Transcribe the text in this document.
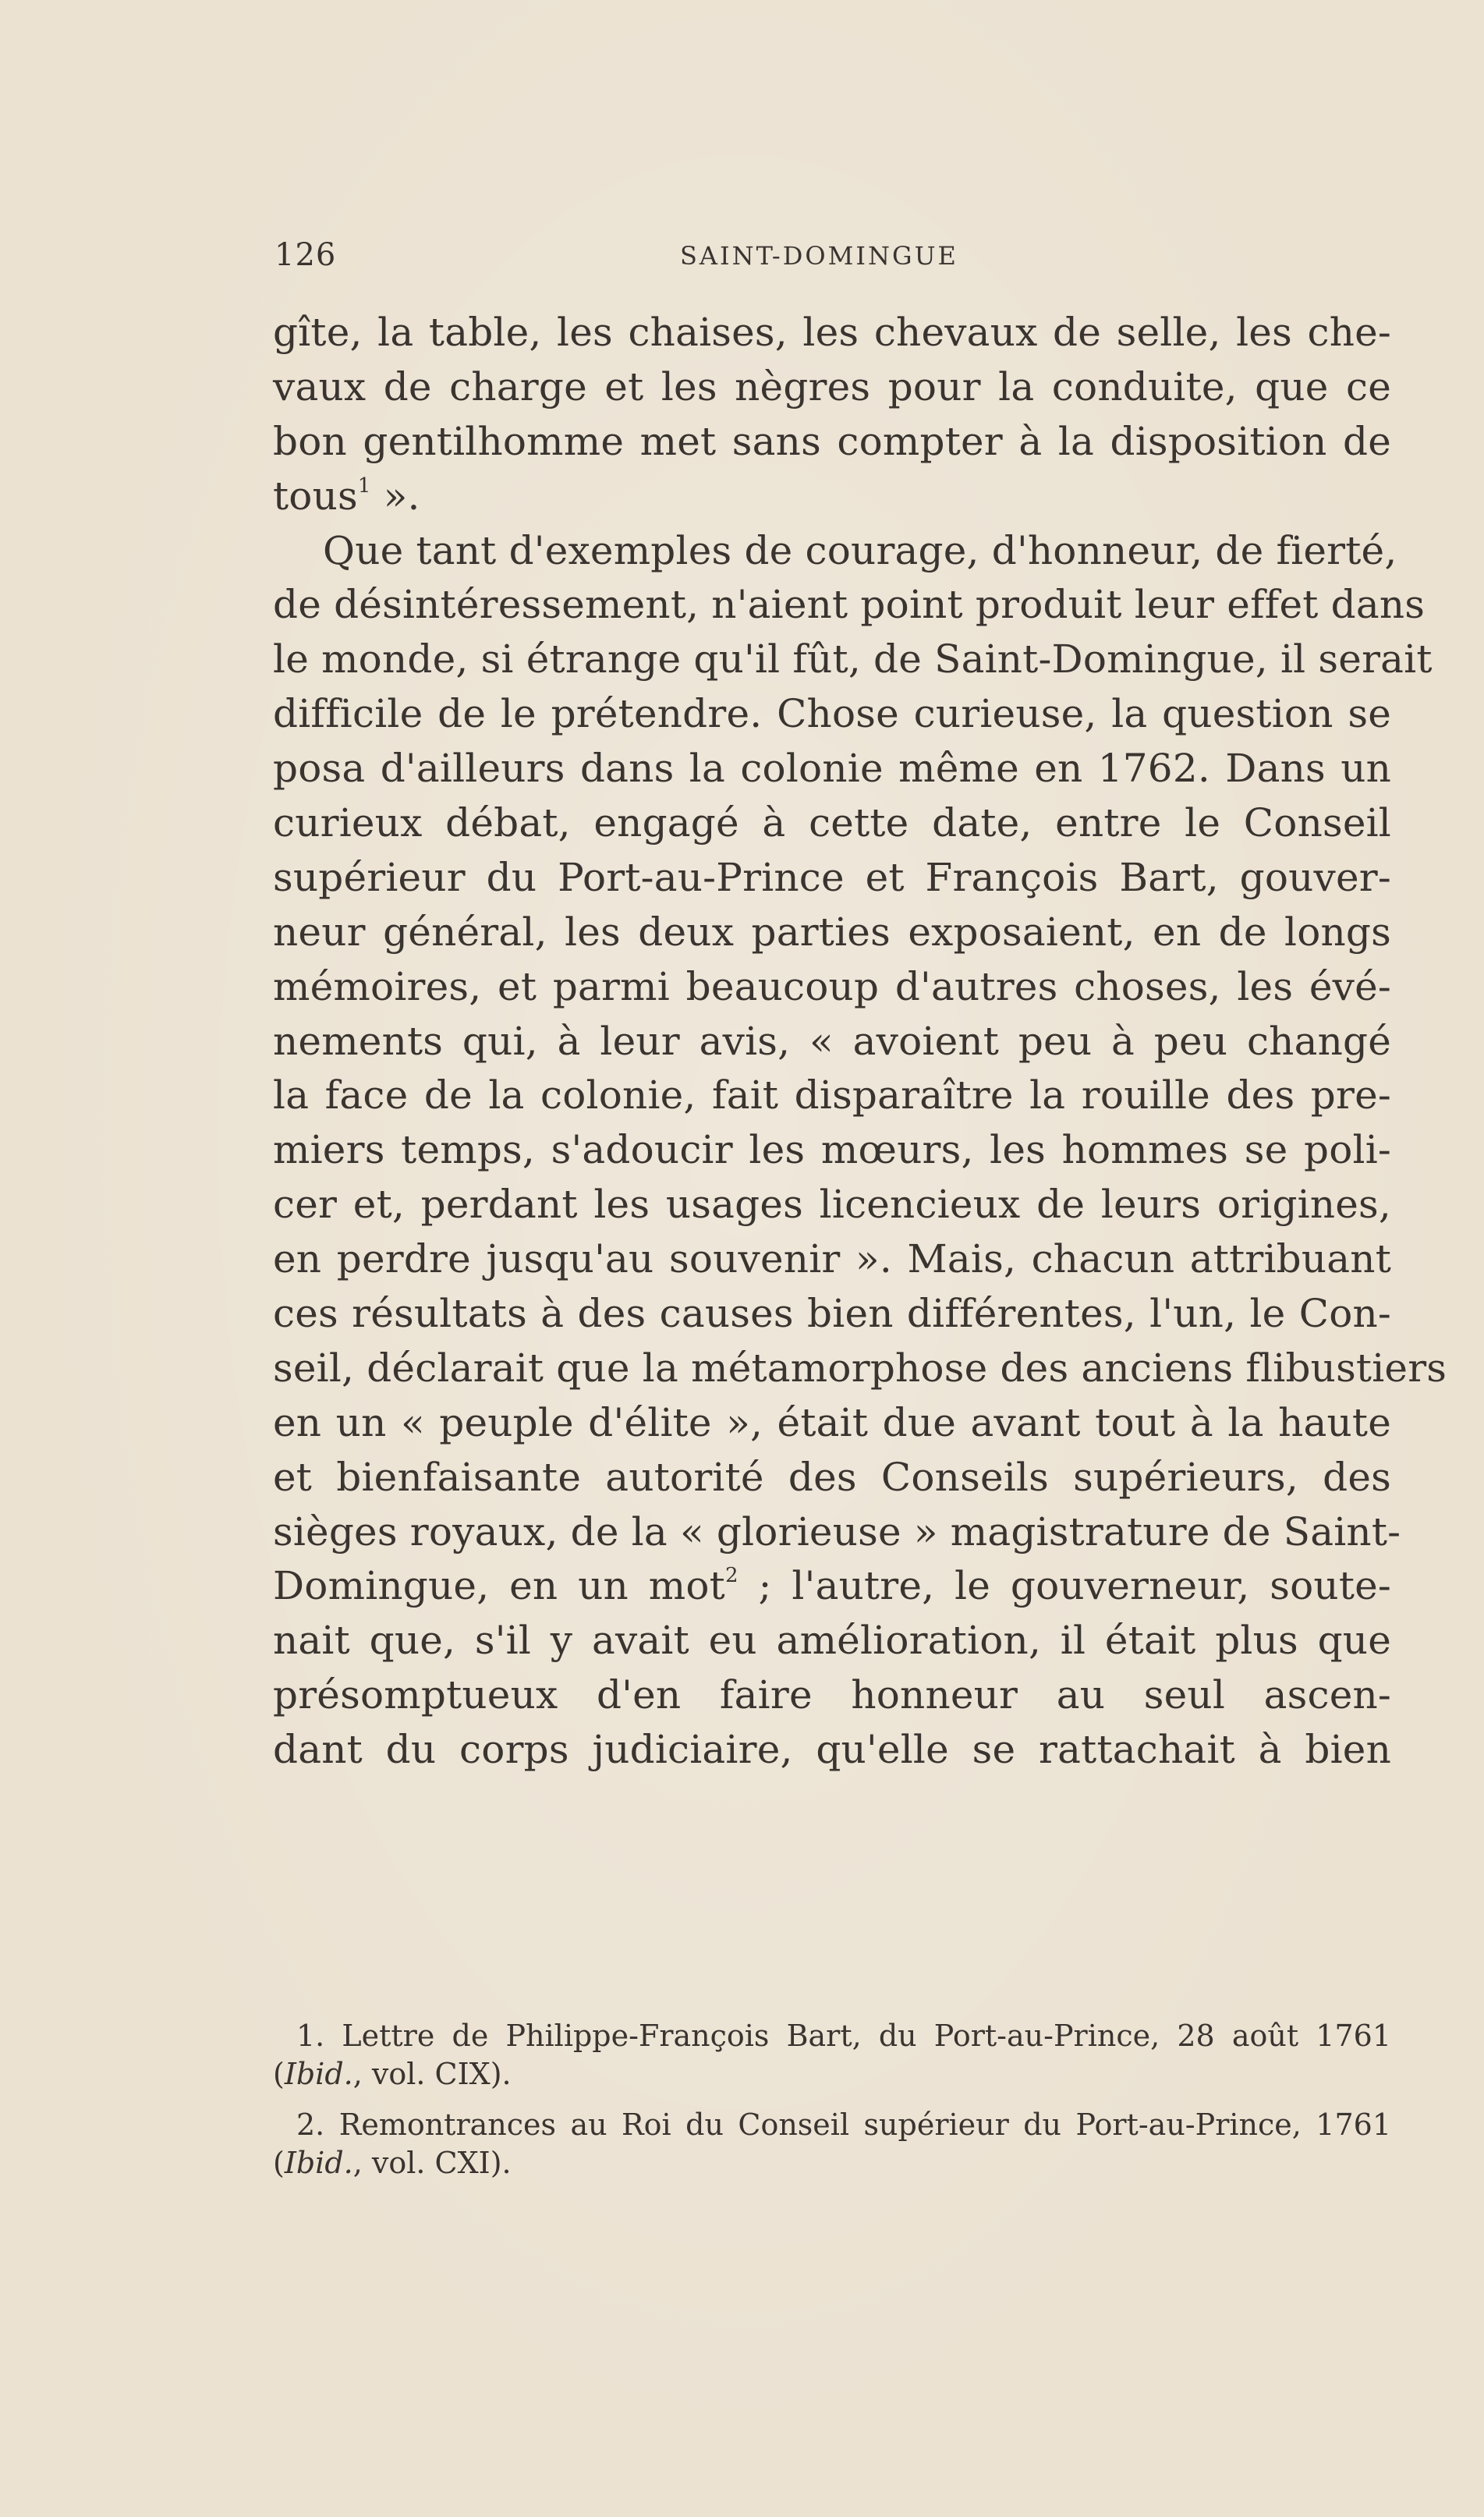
126	SAINT-DOMINGUE
gîte, la table, les chaises, les chevaux de selle, les che-
vaux de charge et les nègres pour la conduite, que ce
bon gentilhomme met sans compter à la disposition de
tous$^1$ ».
Que tant d'exemples de courage, d'honneur, de fierté,
de désintéressement, n'aient point produit leur effet dans
le monde, si étrange qu'il fût, de Saint-Domingue, il serait
difficile de le prétendre. Chose curieuse, la question se
posa d'ailleurs dans la colonie même en 1762. Dans un
curieux débat, engagé à cette date, entre le Conseil
supérieur du Port-au-Prince et François Bart, gouver-
neur général, les deux parties exposaient, en de longs
mémoires, et parmi beaucoup d'autres choses, les évé-
nements qui, à leur avis, « avoient peu à peu changé
la face de la colonie, fait disparaître la rouille des pre-
miers temps, s'adoucir les mœurs, les hommes se poli-
cer et, perdant les usages licencieux de leurs origines,
en perdre jusqu'au souvenir ». Mais, chacun attribuant
ces résultats à des causes bien différentes, l'un, le Con-
seil, déclarait que la métamorphose des anciens flibustiers
en un « peuple d'élite », était due avant tout à la haute
et bienfaisante autorité des Conseils supérieurs, des
sièges royaux, de la « glorieuse » magistrature de Saint-
Domingue, en un mot$^2$ ; l'autre, le gouverneur, soute-
nait que, s'il y avait eu amélioration, il était plus que
présomptueux d'en faire honneur au seul ascen-
dant du corps judiciaire, qu'elle se rattachait à bien
1. Lettre de Philippe-François Bart, du Port-au-Prince, 28 août 1761
(Ibid., vol. CIX).
2. Remontrances au Roi du Conseil supérieur du Port-au-Prince, 1761
(Ibid., vol. CXI).
